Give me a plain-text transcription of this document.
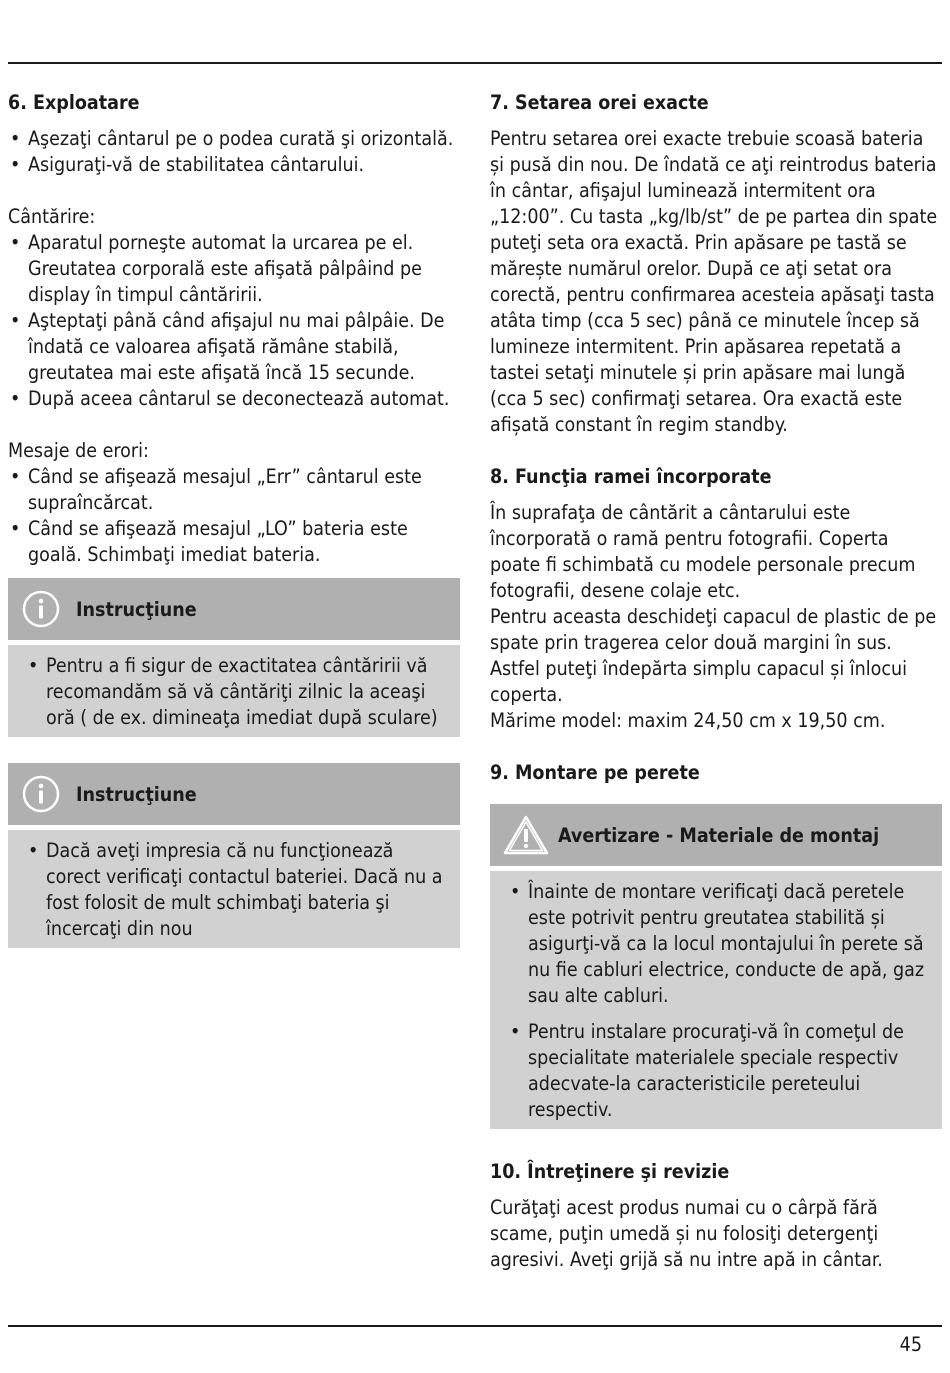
6. Exploatare
• Aşezaţi cântarul pe o podea curată şi orizontală.
• Asiguraţi-vă de stabilitatea cântarului.

Cântărire:

• Aparatul porneşte automat la urcarea pe el. Greutatea corporală este afişată pâlpâind pe display în timpul cântăririi.
• Aşteptaţi până când afişajul nu mai pâlpâie. De îndată ce valoarea afişată rămâne stabilă, greutatea mai este afişată încă 15 secunde.
• După aceea cântarul se deconectează automat.

Mesaje de erori:

• Când se afişează mesajul „Err” cântarul este supraîncărcat.
• Când se afişează mesajul „LO” bateria este goală. Schimbaţi imediat bateria.
Instrucţiune
• Pentru a fi sigur de exactitatea cântăririi vă recomandăm să vă cântăriţi zilnic la aceaşi oră ( de ex. dimineaţa imediat după sculare)
Instrucţiune
• Dacă aveţi impresia că nu funcţionează corect verificaţi contactul bateriei. Dacă nu a fost folosit de mult schimbaţi bateria şi încercaţi din nou
7. Setarea orei exacte

Pentru setarea orei exacte trebuie scoasă bateria și pusă din nou. De îndată ce aţi reintrodus bateria în cântar, afişajul luminează intermitent ora „12:00”. Cu tasta „kg/lb/st” de pe partea din spate puteţi seta ora exactă. Prin apăsare pe tastă se mărește numărul orelor. După ce aţi setat ora corectă, pentru confirmarea acesteia apăsaţi tasta atâta timp (cca 5 sec) până ce minutele încep să lumineze intermitent. Prin apăsarea repetată a tastei setaţi minutele și prin apăsare mai lungă (cca 5 sec) confirmaţi setarea. Ora exactă este afișată constant în regim standby.

8. Funcţia ramei încorporate

În suprafaţa de cântărit a cântarului este încorporată o ramă pentru fotografii. Coperta poate fi schimbată cu modele personale precum fotografii, desene colaje etc.

Pentru aceasta deschideţi capacul de plastic de pe spate prin tragerea celor două margini în sus. Astfel puteţi îndepărta simplu capacul și înlocui coperta.

Mărime model: maxim 24,50 cm x 19,50 cm.

9. Montare pe perete
Avertizare - Materiale de montaj
• Înainte de montare verificaţi dacă peretele este potrivit pentru greutatea stabilită și asigurţi-vă ca la locul montajului în perete să nu fie cabluri electrice, conducte de apă, gaz sau alte cabluri.
• Pentru instalare procuraţi-vă în comeţul de specialitate materialele speciale respectiv adecvate-la caracteristicile pereteului respectiv.
10. Întreţinere şi revizie

Curăţaţi acest produs numai cu o cârpă fără scame, puţin umedă și nu folosiţi detergenţi agresivi. Aveţi grijă să nu intre apă in cântar.

45
